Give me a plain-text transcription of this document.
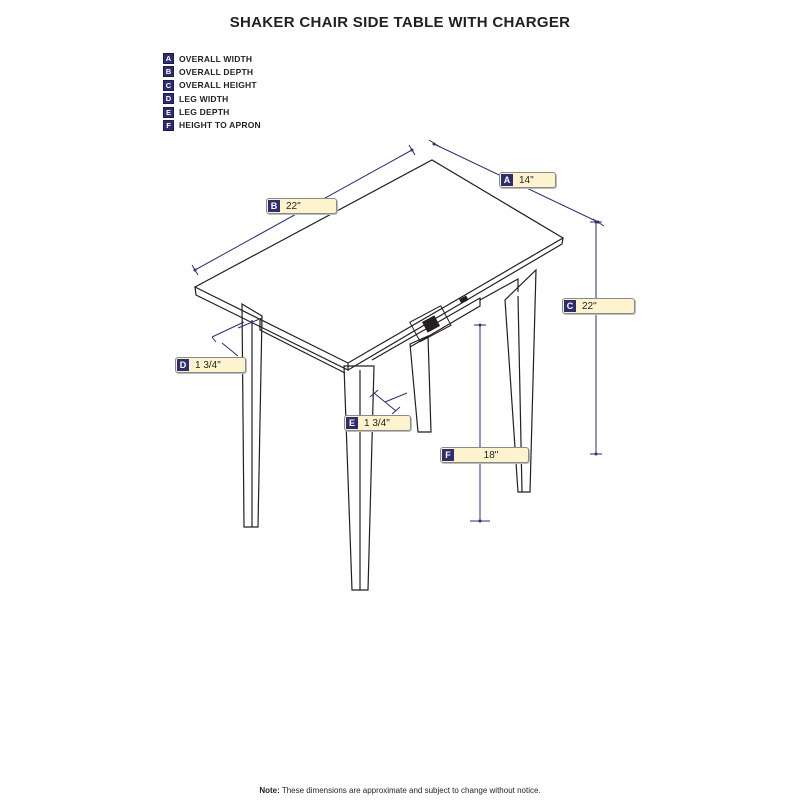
SHAKER CHAIR SIDE TABLE WITH CHARGER
A OVERALL WIDTH
B OVERALL DEPTH
C OVERALL HEIGHT
D LEG WIDTH
E LEG DEPTH
F HEIGHT TO APRON
A 14"
B 22"
C 22"
D 1 3/4"
E 1 3/4"
F	18"
Note: These dimensions are approximate and subject to change without notice.
